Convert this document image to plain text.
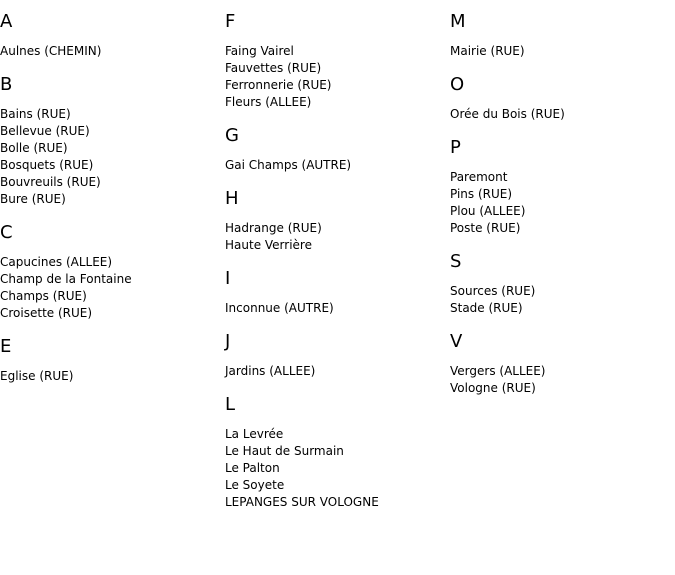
A
Aulnes (CHEMIN)
B
Bains (RUE)
Bellevue (RUE)
Bolle (RUE)
Bosquets (RUE)
Bouvreuils (RUE)
Bure (RUE)
C
Capucines (ALLEE)
Champ de la Fontaine
Champs (RUE)
Croisette (RUE)
E
Eglise (RUE)
F
Faing Vairel
Fauvettes (RUE)
Ferronnerie (RUE)
Fleurs (ALLEE)
G
Gai Champs (AUTRE)
H
Hadrange (RUE)
Haute Verrière
I
Inconnue (AUTRE)
J
Jardins (ALLEE)
L
La Levrée
Le Haut de Surmain
Le Palton
Le Soyete
LEPANGES SUR VOLOGNE
M
Mairie (RUE)
O
Orée du Bois (RUE)
P
Paremont
Pins (RUE)
Plou (ALLEE)
Poste (RUE)
S
Sources (RUE)
Stade (RUE)
V
Vergers (ALLEE)
Vologne (RUE)
